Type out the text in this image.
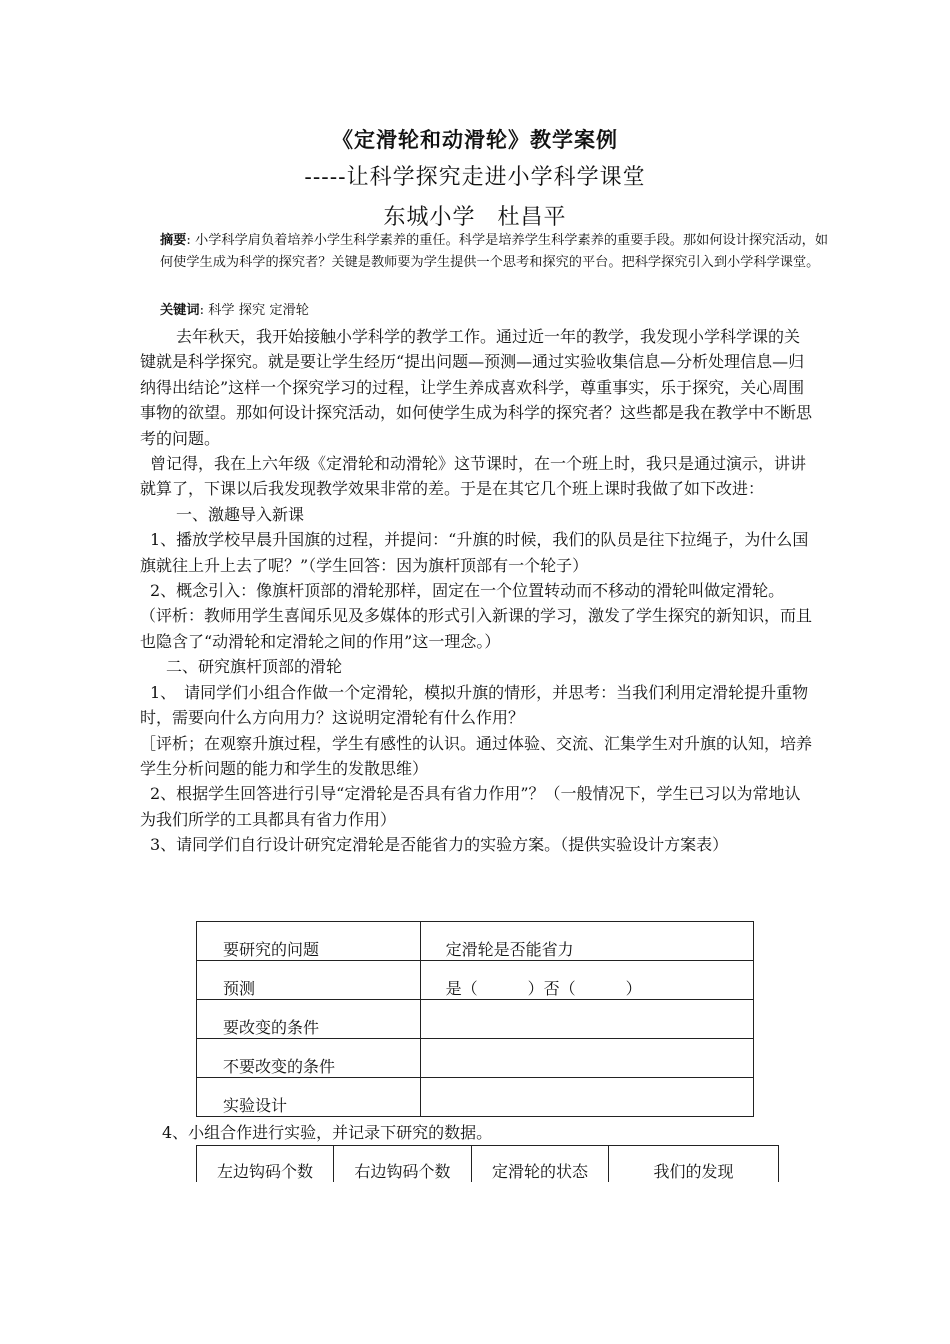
《定滑轮和动滑轮》教学案例
-----让科学探究走进小学科学课堂
东城小学 杜昌平
摘要: 小学科学肩负着培养小学生科学素养的重任。科学是培养学生科学素养的重要手段。那如何设计探究活动，如何使学生成为科学的探究者？关键是教师要为学生提供一个思考和探究的平台。把科学探究引入到小学科学课堂。
关键词: 科学 探究 定滑轮

去年秋天，我开始接触小学科学的教学工作。通过近一年的教学，我发现小学科学课的关键就是科学探究。就是要让学生经历“提出问题—预测—通过实验收集信息—分析处理信息—归纳得出结论”这样一个探究学习的过程，让学生养成喜欢科学，尊重事实，乐于探究，关心周围事物的欲望。那如何设计探究活动，如何使学生成为科学的探究者？这些都是我在教学中不断思考的问题。

曾记得，我在上六年级《定滑轮和动滑轮》这节课时，在一个班上时，我只是通过演示，讲讲就算了，下课以后我发现教学效果非常的差。于是在其它几个班上课时我做了如下改进：

一、激趣导入新课

1、播放学校早晨升国旗的过程，并提问：“升旗的时候，我们的队员是往下拉绳子，为什么国旗就往上升上去了呢？”（学生回答：因为旗杆顶部有一个轮子）

2、概念引入：像旗杆顶部的滑轮那样，固定在一个位置转动而不移动的滑轮叫做定滑轮。

（评析：教师用学生喜闻乐见及多媒体的形式引入新课的学习，激发了学生探究的新知识，而且也隐含了“动滑轮和定滑轮之间的作用”这一理念。）

二、研究旗杆顶部的滑轮

1、　请同学们小组合作做一个定滑轮，模拟升旗的情形，并思考：当我们利用定滑轮提升重物时，需要向什么方向用力？这说明定滑轮有什么作用？

［评析；在观察升旗过程，学生有感性的认识。通过体验、交流、汇集学生对升旗的认知，培养学生分析问题的能力和学生的发散思维）

2、根据学生回答进行引导“定滑轮是否具有省力作用”？（一般情况下，学生已习以为常地认为我们所学的工具都具有省力作用）

3、请同学们自行设计研究定滑轮是否能省力的实验方案。（提供实验设计方案表）

要研究的问题	定滑轮是否能省力
预测	是（ ）否（ ）
要改变的条件	
不要改变的条件	
实验设计	
4、小组合作进行实验，并记录下研究的数据。
左边钩码个数	右边钩码个数	定滑轮的状态	我们的发现
